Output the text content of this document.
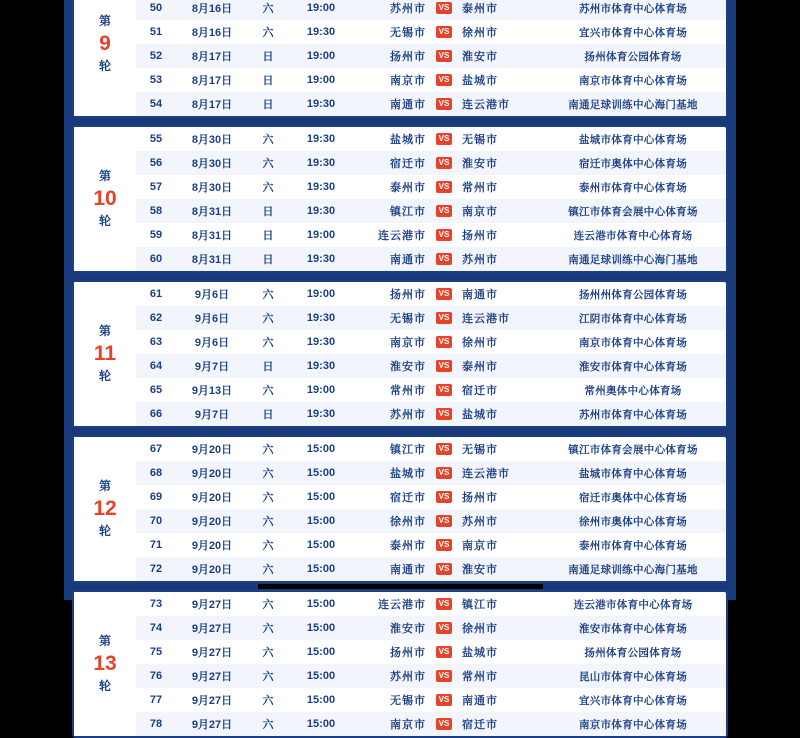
第
9
轮
50	8月16日	六	19:00	苏州市	VS	泰州市	苏州市体育中心体育场
51	8月16日	六	19:30	无锡市	VS	徐州市	宜兴市体育中心体育场
52	8月17日	日	19:00	扬州市	VS	淮安市	扬州体育公园体育场
53	8月17日	日	19:00	南京市	VS	盐城市	南京市体育中心体育场
54	8月17日	日	19:30	南通市	VS	连云港市	南通足球训练中心海门基地
第
10
轮
55	8月30日	六	19:30	盐城市	VS	无锡市	盐城市体育中心体育场
56	8月30日	六	19:30	宿迁市	VS	淮安市	宿迁市奥体中心体育场
57	8月30日	六	19:30	泰州市	VS	常州市	泰州市体育中心体育场
58	8月31日	日	19:30	镇江市	VS	南京市	镇江市体育会展中心体育场
59	8月31日	日	19:00	连云港市	VS	扬州市	连云港市体育中心体育场
60	8月31日	日	19:30	南通市	VS	苏州市	南通足球训练中心海门基地
第
11
轮
61	9月6日	六	19:00	扬州市	VS	南通市	扬州州体育公园体育场
62	9月6日	六	19:30	无锡市	VS	连云港市	江阴市体育中心体育场
63	9月6日	六	19:30	南京市	VS	徐州市	南京市体育中心体育场
64	9月7日	日	19:30	淮安市	VS	泰州市	淮安市体育中心体育场
65	9月13日	六	19:00	常州市	VS	宿迁市	常州奥体中心体育场
66	9月7日	日	19:30	苏州市	VS	盐城市	苏州市体育中心体育场
第
12
轮
67	9月20日	六	15:00	镇江市	VS	无锡市	镇江市体育会展中心体育场
68	9月20日	六	15:00	盐城市	VS	连云港市	盐城市体育中心体育场
69	9月20日	六	15:00	宿迁市	VS	扬州市	宿迁市奥体中心体育场
70	9月20日	六	15:00	徐州市	VS	苏州市	徐州市奥体中心体育场
71	9月20日	六	15:00	泰州市	VS	南京市	泰州市体育中心体育场
72	9月20日	六	15:00	南通市	VS	淮安市	南通足球训练中心海门基地
第
13
轮
73	9月27日	六	15:00	连云港市	VS	镇江市	连云港市体育中心体育场
74	9月27日	六	15:00	淮安市	VS	徐州市	淮安市体育中心体育场
75	9月27日	六	15:00	扬州市	VS	盐城市	扬州体育公园体育场
76	9月27日	六	15:00	苏州市	VS	常州市	昆山市体育中心体育场
77	9月27日	六	15:00	无锡市	VS	南通市	宜兴市体育中心体育场
78	9月27日	六	15:00	南京市	VS	宿迁市	南京市体育中心体育场
